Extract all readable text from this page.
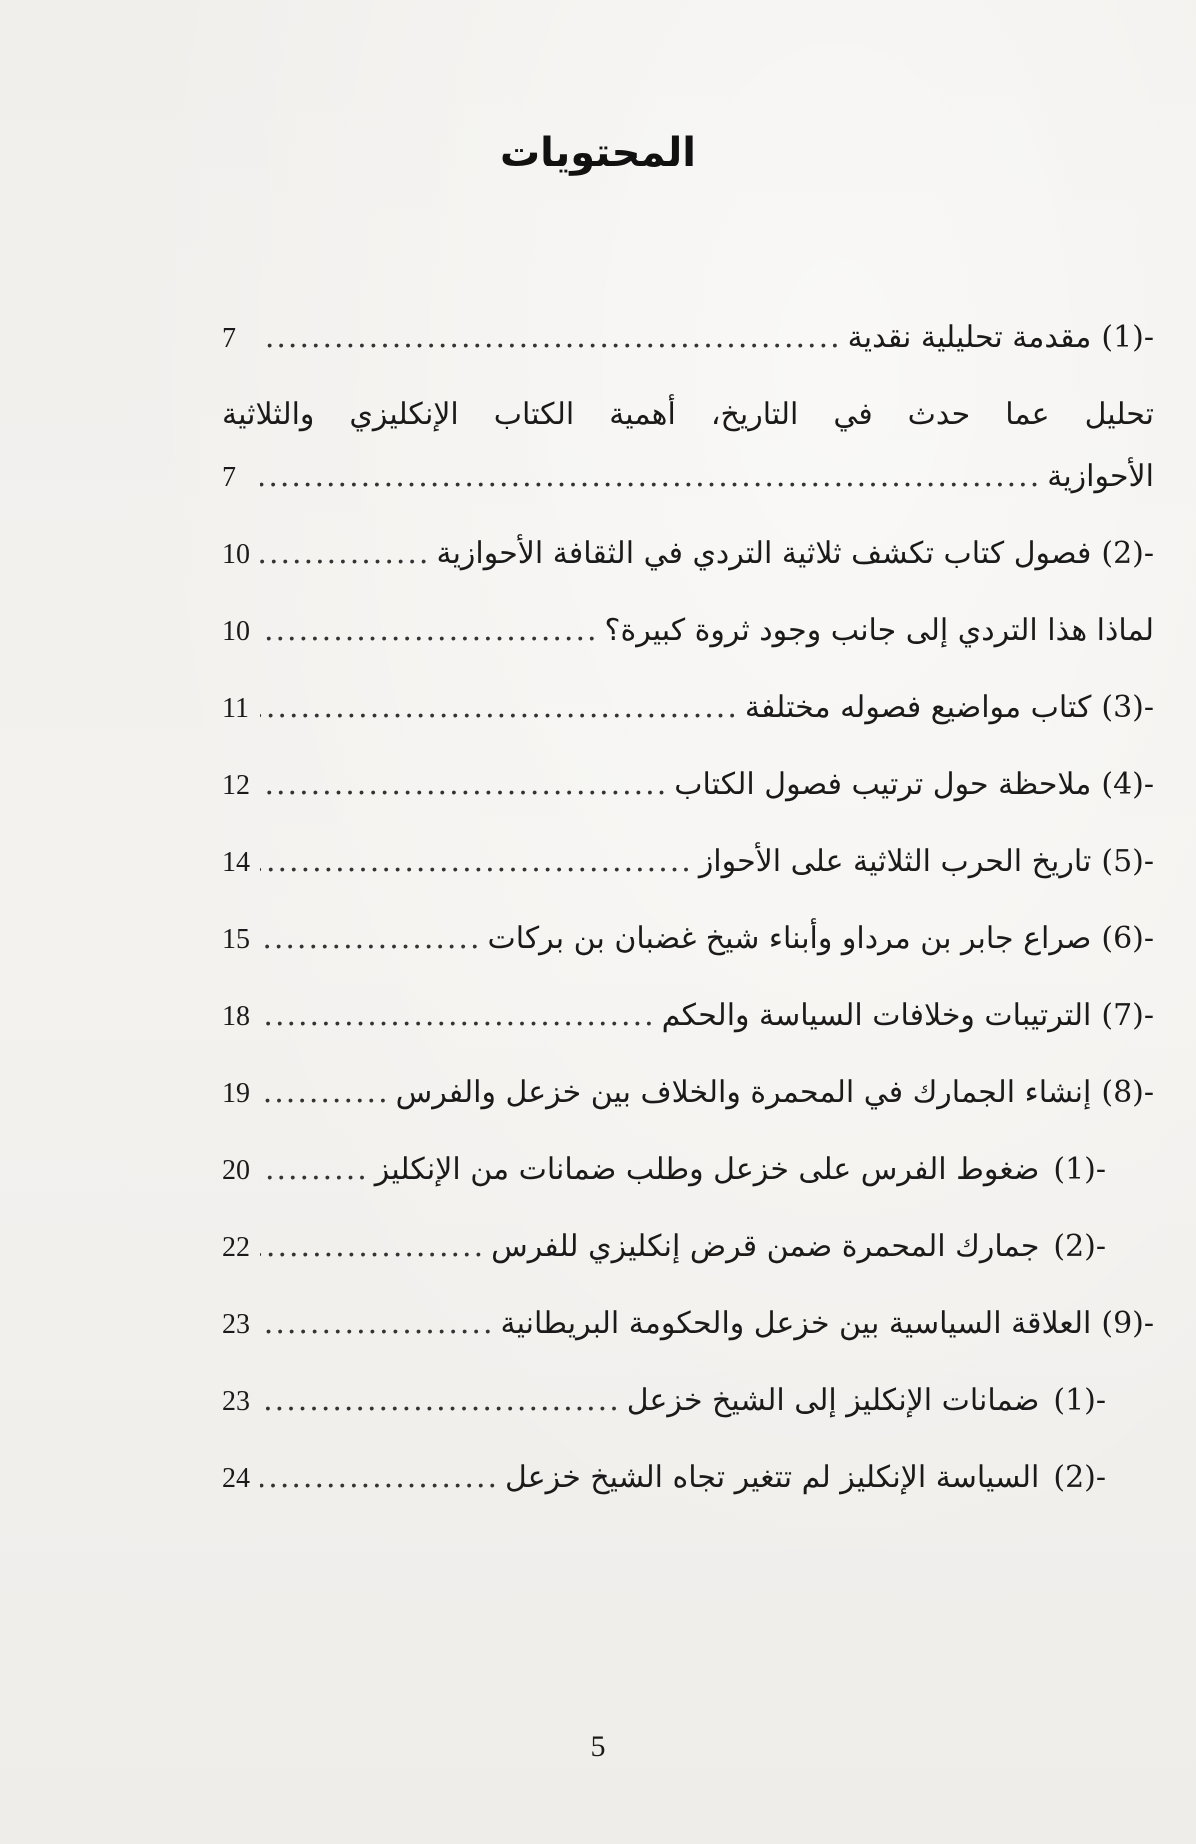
المحتويات
(1)-
مقدمة تحليلية نقدية
.....
7
تحليل عما حدث في التاريخ، أهمية الكتاب الإنكليزي والثلاثية
الأحوازية
.....
7
(2)-
فصول كتاب تكشف ثلاثية التردي في الثقافة الأحوازية
.....
10
لماذا هذا التردي إلى جانب وجود ثروة كبيرة؟
.....
10
(3)-
كتاب مواضيع فصوله مختلفة
.....
11
(4)-
ملاحظة حول ترتيب فصول الكتاب
.....
12
(5)-
تاريخ الحرب الثلاثية على الأحواز
.....
14
(6)-
صراع جابر بن مرداو وأبناء شيخ غضبان بن بركات
.....
15
(7)-
الترتيبات وخلافات السياسة والحكم
.....
18
(8)-
إنشاء الجمارك في المحمرة والخلاف بين خزعل والفرس
.....
19
(1)-
ضغوط الفرس على خزعل وطلب ضمانات من الإنكليز
.....
20
(2)-
جمارك المحمرة ضمن قرض إنكليزي للفرس
.....
22
(9)-
العلاقة السياسية بين خزعل والحكومة البريطانية
.....
23
(1)-
ضمانات الإنكليز إلى الشيخ خزعل
.....
23
(2)-
السياسة الإنكليز لم تتغير تجاه الشيخ خزعل
.....
24
5
